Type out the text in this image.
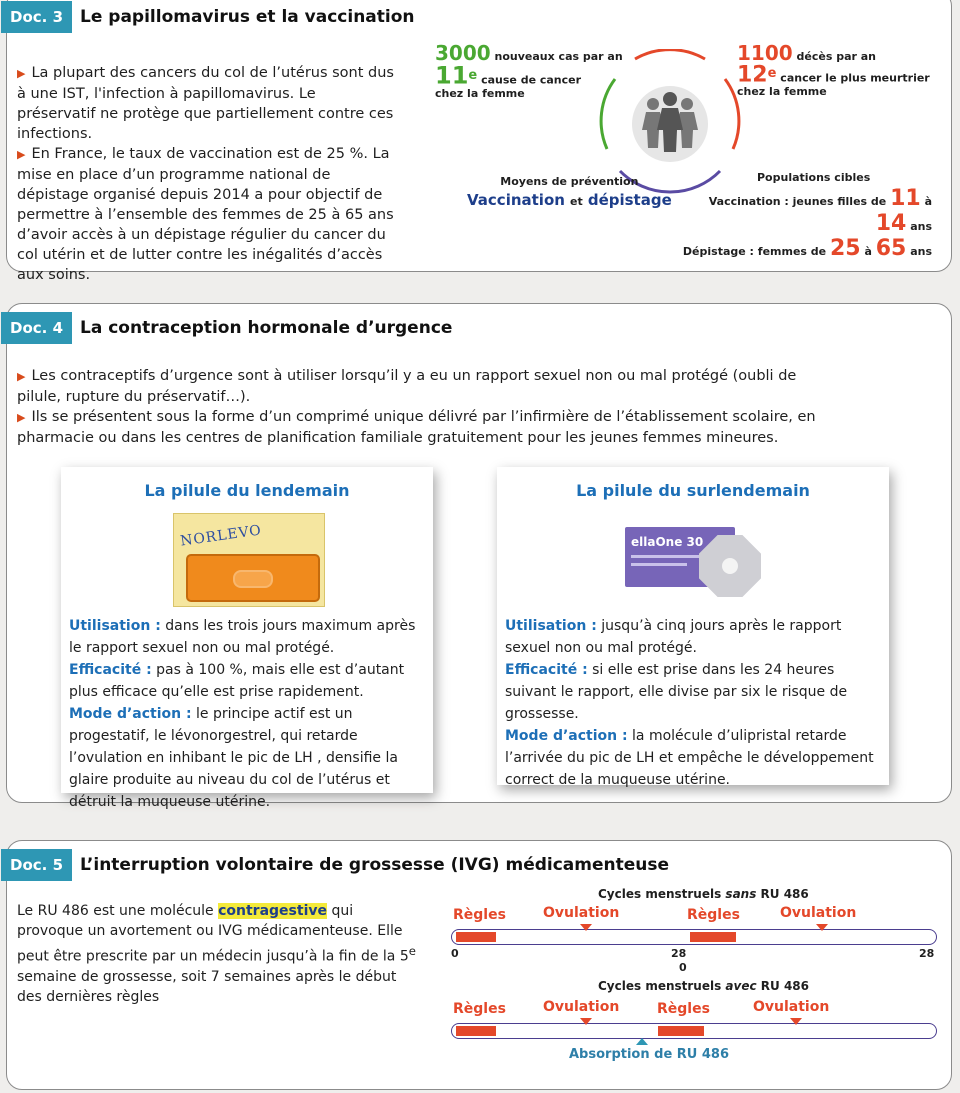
Doc. 3 Le papillomavirus et la vaccination
▶ La plupart des cancers du col de l’utérus sont dus à une IST, l'infection à papillomavirus. Le préservatif ne protège que partiellement contre ces infections.
▶ En France, le taux de vaccination est de 25 %. La mise en place d’un programme national de dépistage organisé depuis 2014 a pour objectif de permettre à l’ensemble des femmes de 25 à 65 ans d’avoir accès à un dépistage régulier du cancer du col utérin et de lutter contre les inégalités d’accès aux soins.
3000 nouveaux cas par an
11e cause de cancer
chez la femme
1100 décès par an
12e cancer le plus meurtrier
chez la femme
Moyens de prévention
Vaccination et dépistage
Populations cibles
Vaccination : jeunes filles de 11 à 14 ans
Dépistage : femmes de 25 à 65 ans
Doc. 4 La contraception hormonale d’urgence
▶ Les contraceptifs d’urgence sont à utiliser lorsqu’il y a eu un rapport sexuel non ou mal protégé (oubli de pilule, rupture du préservatif…).
▶ Ils se présentent sous la forme d’un comprimé unique délivré par l’infirmière de l’établissement scolaire, en pharmacie ou dans les centres de planification familiale gratuitement pour les jeunes femmes mineures.
La pilule du lendemain
NORLEVO

Utilisation : dans les trois jours maximum après le rapport sexuel non ou mal protégé.

Efficacité : pas à 100 %, mais elle est d’autant plus efficace qu’elle est prise rapidement.

Mode d’action : le principe actif est un progestatif, le lévonorgestrel, qui retarde l’ovulation en inhibant le pic de LH , densifie la glaire produite au niveau du col de l’utérus et détruit la muqueuse utérine.

La pilule du surlendemain
ellaOne 30

Utilisation : jusqu’à cinq jours après le rapport sexuel non ou mal protégé.

Efficacité : si elle est prise dans les 24 heures suivant le rapport, elle divise par six le risque de grossesse.

Mode d’action : la molécule d’ulipristal retarde l’arrivée du pic de LH et empêche le développement correct de la muqueuse utérine.

Doc. 5 L’interruption volontaire de grossesse (IVG) médicamenteuse
Le RU 486 est une molécule contragestive qui provoque un avortement ou IVG médicamenteuse. Elle peut être prescrite par un médecin jusqu’à la fin de la 5e semaine de grossesse, soit 7 semaines après le début des dernières règles
Cycles menstruels sans RU 486
Règles	Ovulation	Règles	Ovulation
0	28
0
28
Cycles menstruels avec RU 486
Règles	Ovulation	Règles	Ovulation
Absorption de RU 486
